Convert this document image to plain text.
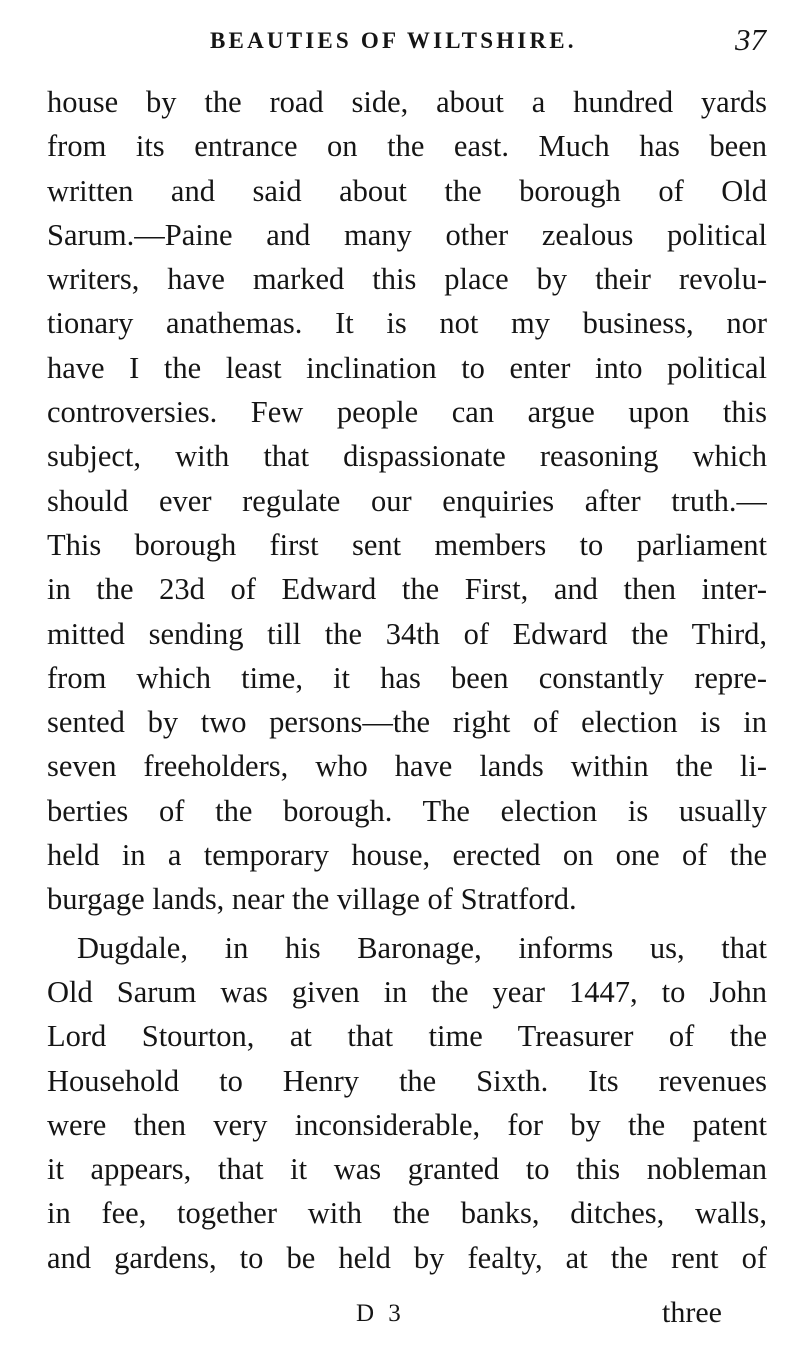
BEAUTIES OF WILTSHIRE.	37
house by the road side, about a hundred yards
from its entrance on the east. Much has been
written and said about the borough of Old
Sarum.—Paine and many other zealous political
writers, have marked this place by their revolu-
tionary anathemas. It is not my business, nor
have I the least inclination to enter into political
controversies. Few people can argue upon this
subject, with that dispassionate reasoning which
should ever regulate our enquiries after truth.—
This borough first sent members to parliament
in the 23d of Edward the First, and then inter-
mitted sending till the 34th of Edward the Third,
from which time, it has been constantly repre-
sented by two persons—the right of election is in
seven freeholders, who have lands within the li-
berties of the borough. The election is usually
held in a temporary house, erected on one of the
burgage lands, near the village of Stratford.
Dugdale, in his Baronage, informs us, that
Old Sarum was given in the year 1447, to John
Lord Stourton, at that time Treasurer of the
Household to Henry the Sixth. Its revenues
were then very inconsiderable, for by the patent
it appears, that it was granted to this nobleman
in fee, together with the banks, ditches, walls,
and gardens, to be held by fealty, at the rent of
D 3	three
